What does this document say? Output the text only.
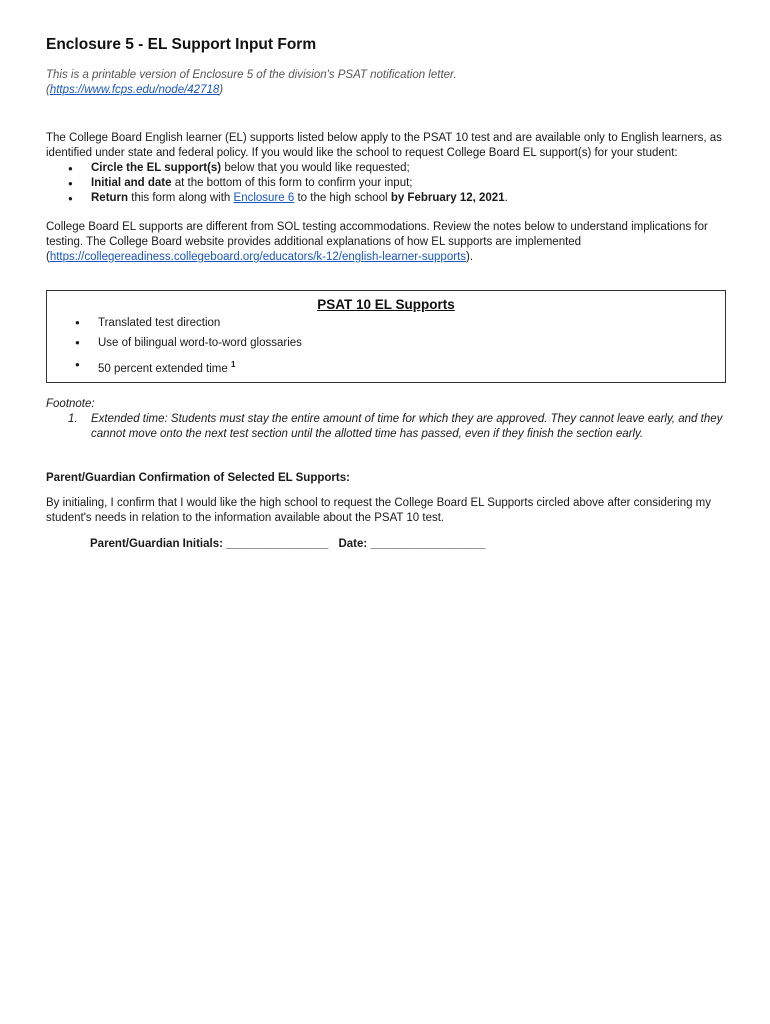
Enclosure 5 - EL Support Input Form

This is a printable version of Enclosure 5 of the division's PSAT notification letter.
(https://www.fcps.edu/node/42718)

The College Board English learner (EL) supports listed below apply to the PSAT 10 test and are available only to English learners, as identified under state and federal policy. If you would like the school to request College Board EL support(s) for your student:

● Circle the EL support(s) below that you would like requested;
● Initial and date at the bottom of this form to confirm your input;
● Return this form along with Enclosure 6 to the high school by February 12, 2021.

College Board EL supports are different from SOL testing accommodations. Review the notes below to understand implications for testing. The College Board website provides additional explanations of how EL supports are implemented (https://collegereadiness.collegeboard.org/educators/k-12/english-learner-supports).

PSAT 10 EL Supports
● Translated test direction
● Use of bilingual word-to-word glossaries
● 50 percent extended time $^1$
Footnote:
1.	Extended time: Students must stay the entire amount of time for which they are approved. They cannot leave early, and they cannot move onto the next test section until the allotted time has passed, even if they finish the section early.
Parent/Guardian Confirmation of Selected EL Supports:

By initialing, I confirm that I would like the high school to request the College Board EL Supports circled above after considering my student's needs in relation to the information available about the PSAT 10 test.

Parent/Guardian Initials: ________________ Date: __________________
